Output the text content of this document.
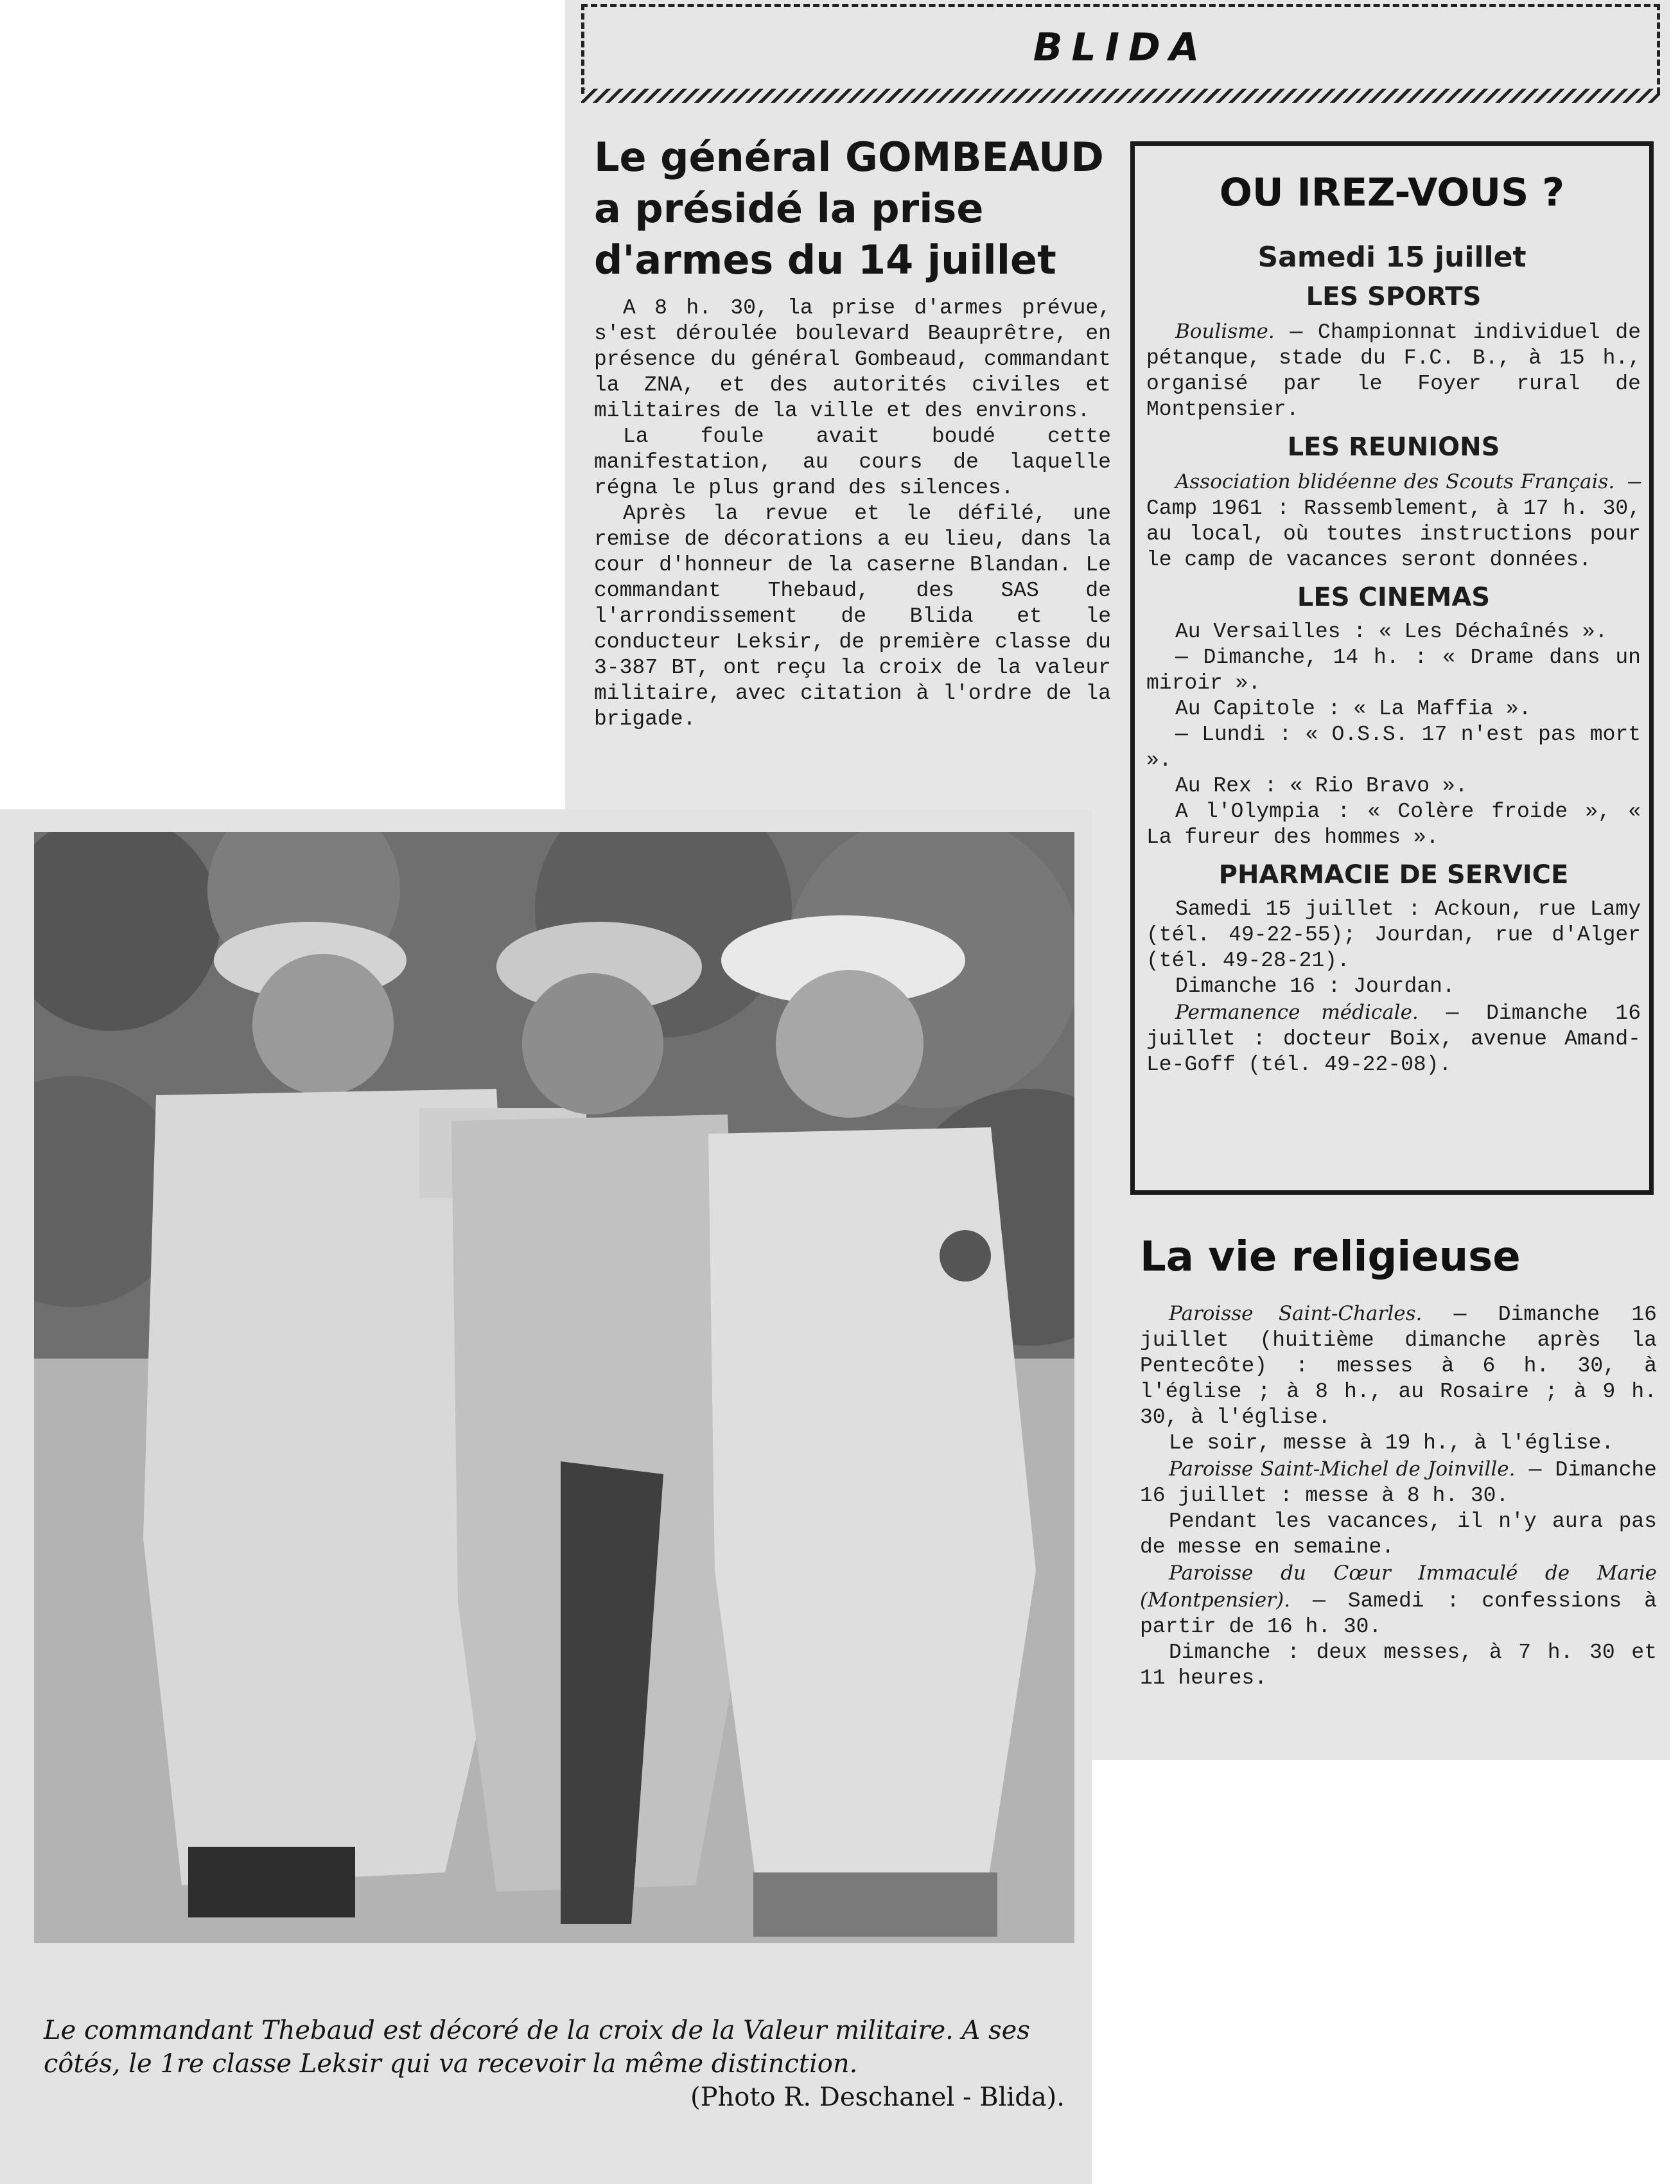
BLIDA
Le général GOMBEAUD a présidé la prise d'armes du 14 juillet

A 8 h. 30, la prise d'armes prévue, s'est déroulée boulevard Beauprêtre, en présence du général Gombeaud, commandant la ZNA, et des autorités civiles et militaires de la ville et des environs.

La foule avait boudé cette manifestation, au cours de laquelle régna le plus grand des silences.

Après la revue et le défilé, une remise de décorations a eu lieu, dans la cour d'honneur de la caserne Blandan. Le commandant Thebaud, des SAS de l'arrondissement de Blida et le conducteur Leksir, de première classe du 3-387 BT, ont reçu la croix de la valeur militaire, avec citation à l'ordre de la brigade.

Le commandant Thebaud est décoré de la croix de la Valeur militaire. A ses côtés, le 1re classe Leksir qui va recevoir la même distinction.
(Photo R. Deschanel - Blida).
OU IREZ-VOUS ?
Samedi 15 juillet
LES SPORTS

Boulisme. — Championnat individuel de pétanque, stade du F.C. B., à 15 h., organisé par le Foyer rural de Montpensier.

LES REUNIONS

Association blidéenne des Scouts Français. — Camp 1961 : Rassemblement, à 17 h. 30, au local, où toutes instructions pour le camp de vacances seront données.

LES CINEMAS

Au Versailles : « Les Déchaînés ».

— Dimanche, 14 h. : « Drame dans un miroir ».

Au Capitole : « La Maffia ».

— Lundi : « O.S.S. 17 n'est pas mort ».

Au Rex : « Rio Bravo ».

A l'Olympia : « Colère froide », « La fureur des hommes ».

PHARMACIE DE SERVICE

Samedi 15 juillet : Ackoun, rue Lamy (tél. 49-22-55); Jourdan, rue d'Alger (tél. 49-28-21).

Dimanche 16 : Jourdan.

Permanence médicale. — Dimanche 16 juillet : docteur Boix, avenue Amand-Le-Goff (tél. 49-22-08).

La vie religieuse

Paroisse Saint-Charles. — Dimanche 16 juillet (huitième dimanche après la Pentecôte) : messes à 6 h. 30, à l'église ; à 8 h., au Rosaire ; à 9 h. 30, à l'église.

Le soir, messe à 19 h., à l'église.

Paroisse Saint-Michel de Joinville. — Dimanche 16 juillet : messe à 8 h. 30.

Pendant les vacances, il n'y aura pas de messe en semaine.

Paroisse du Cœur Immaculé de Marie (Montpensier). — Samedi : confessions à partir de 16 h. 30.

Dimanche : deux messes, à 7 h. 30 et 11 heures.
